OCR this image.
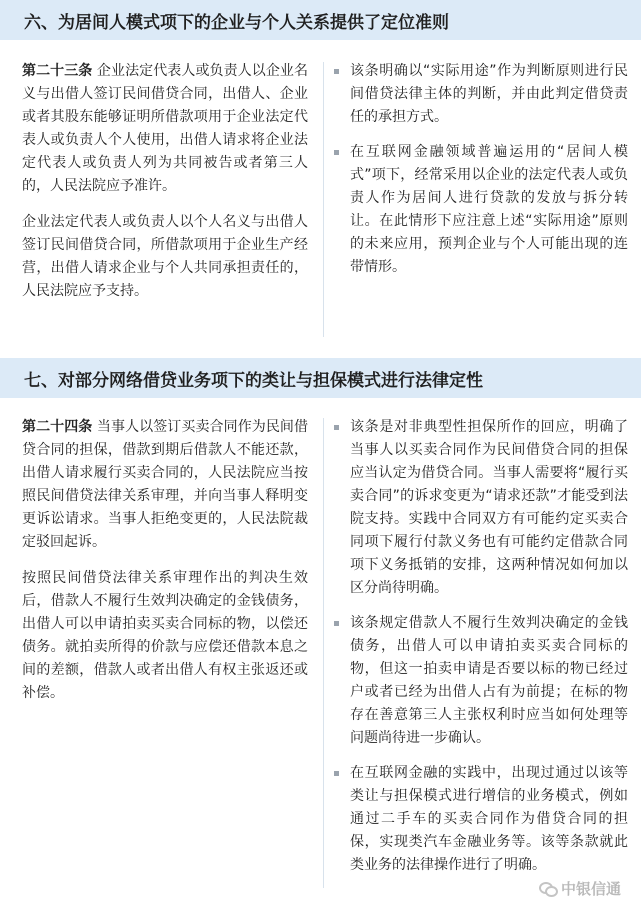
六、为居间人模式项下的企业与个人关系提供了定位准则

第二十三条 企业法定代表人或负责人以企业名义与出借人签订民间借贷合同，出借人、企业或者其股东能够证明所借款项用于企业法定代表人或负责人个人使用，出借人请求将企业法定代表人或负责人列为共同被告或者第三人的，人民法院应予准许。

企业法定代表人或负责人以个人名义与出借人签订民间借贷合同，所借款项用于企业生产经营，出借人请求企业与个人共同承担责任的，人民法院应予支持。

该条明确以“实际用途”作为判断原则进行民间借贷法律主体的判断，并由此判定借贷责任的承担方式。
在互联网金融领域普遍运用的“居间人模式”项下，经常采用以企业的法定代表人或负责人作为居间人进行贷款的发放与拆分转让。在此情形下应注意上述“实际用途”原则的未来应用，预判企业与个人可能出现的连带情形。
七、对部分网络借贷业务项下的类让与担保模式进行法律定性

第二十四条 当事人以签订买卖合同作为民间借贷合同的担保，借款到期后借款人不能还款，出借人请求履行买卖合同的，人民法院应当按照民间借贷法律关系审理，并向当事人释明变更诉讼请求。当事人拒绝变更的，人民法院裁定驳回起诉。

按照民间借贷法律关系审理作出的判决生效后，借款人不履行生效判决确定的金钱债务，出借人可以申请拍卖买卖合同标的物，以偿还债务。就拍卖所得的价款与应偿还借款本息之间的差额，借款人或者出借人有权主张返还或补偿。

该条是对非典型性担保所作的回应，明确了当事人以买卖合同作为民间借贷合同的担保应当认定为借贷合同。当事人需要将“履行买卖合同”的诉求变更为“请求还款”才能受到法院支持。实践中合同双方有可能约定买卖合同项下履行付款义务也有可能约定借款合同项下义务抵销的安排，这两种情况如何加以区分尚待明确。
该条规定借款人不履行生效判决确定的金钱债务，出借人可以申请拍卖买卖合同标的物，但这一拍卖申请是否要以标的物已经过户或者已经为出借人占有为前提；在标的物存在善意第三人主张权利时应当如何处理等问题尚待进一步确认。
在互联网金融的实践中，出现过通过以该等类让与担保模式进行增信的业务模式，例如通过二手车的买卖合同作为借贷合同的担保，实现类汽车金融业务等。该等条款就此类业务的法律操作进行了明确。
中银信通
